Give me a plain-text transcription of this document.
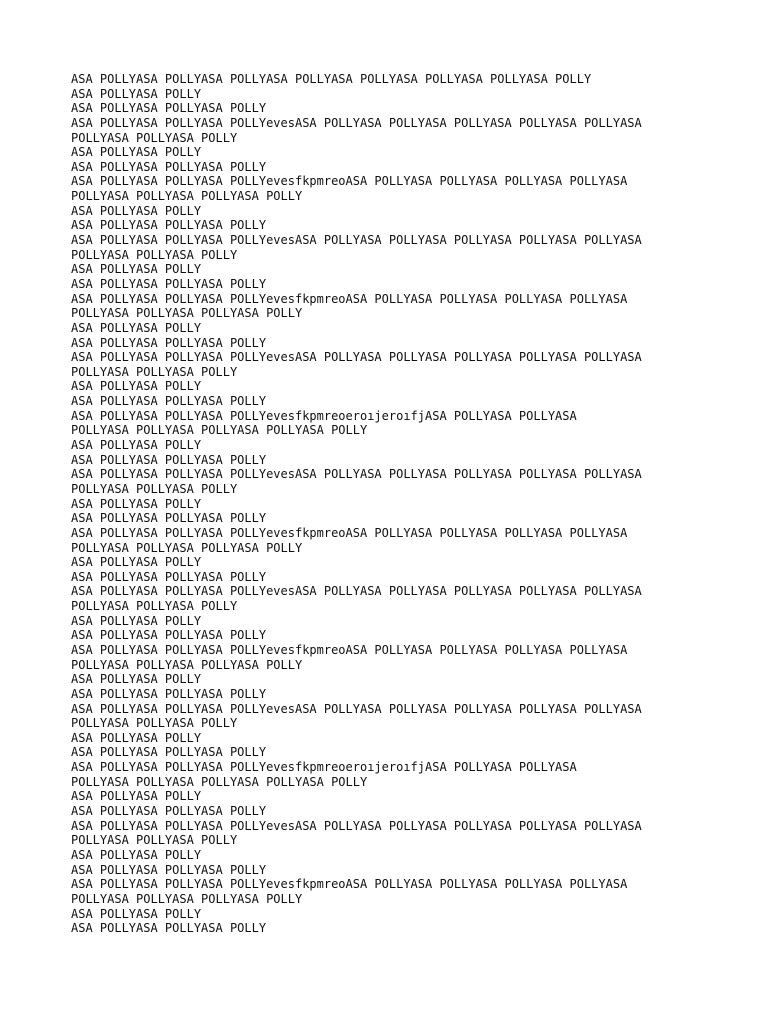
ASA POLLYASA POLLYASA POLLYASA POLLYASA POLLYASA POLLYASA POLLYASA POLLY
ASA POLLYASA POLLY
ASA POLLYASA POLLYASA POLLY
ASA POLLYASA POLLYASA POLLYevesASA POLLYASA POLLYASA POLLYASA POLLYASA POLLYASA
POLLYASA POLLYASA POLLY
ASA POLLYASA POLLY
ASA POLLYASA POLLYASA POLLY
ASA POLLYASA POLLYASA POLLYevesfkpmreoASA POLLYASA POLLYASA POLLYASA POLLYASA
POLLYASA POLLYASA POLLYASA POLLY
ASA POLLYASA POLLY
ASA POLLYASA POLLYASA POLLY
ASA POLLYASA POLLYASA POLLYevesASA POLLYASA POLLYASA POLLYASA POLLYASA POLLYASA
POLLYASA POLLYASA POLLY
ASA POLLYASA POLLY
ASA POLLYASA POLLYASA POLLY
ASA POLLYASA POLLYASA POLLYevesfkpmreoASA POLLYASA POLLYASA POLLYASA POLLYASA
POLLYASA POLLYASA POLLYASA POLLY
ASA POLLYASA POLLY
ASA POLLYASA POLLYASA POLLY
ASA POLLYASA POLLYASA POLLYevesASA POLLYASA POLLYASA POLLYASA POLLYASA POLLYASA
POLLYASA POLLYASA POLLY
ASA POLLYASA POLLY
ASA POLLYASA POLLYASA POLLY
ASA POLLYASA POLLYASA POLLYevesfkpmreoeroıjeroıfjASA POLLYASA POLLYASA
POLLYASA POLLYASA POLLYASA POLLYASA POLLY
ASA POLLYASA POLLY
ASA POLLYASA POLLYASA POLLY
ASA POLLYASA POLLYASA POLLYevesASA POLLYASA POLLYASA POLLYASA POLLYASA POLLYASA
POLLYASA POLLYASA POLLY
ASA POLLYASA POLLY
ASA POLLYASA POLLYASA POLLY
ASA POLLYASA POLLYASA POLLYevesfkpmreoASA POLLYASA POLLYASA POLLYASA POLLYASA
POLLYASA POLLYASA POLLYASA POLLY
ASA POLLYASA POLLY
ASA POLLYASA POLLYASA POLLY
ASA POLLYASA POLLYASA POLLYevesASA POLLYASA POLLYASA POLLYASA POLLYASA POLLYASA
POLLYASA POLLYASA POLLY
ASA POLLYASA POLLY
ASA POLLYASA POLLYASA POLLY
ASA POLLYASA POLLYASA POLLYevesfkpmreoASA POLLYASA POLLYASA POLLYASA POLLYASA
POLLYASA POLLYASA POLLYASA POLLY
ASA POLLYASA POLLY
ASA POLLYASA POLLYASA POLLY
ASA POLLYASA POLLYASA POLLYevesASA POLLYASA POLLYASA POLLYASA POLLYASA POLLYASA
POLLYASA POLLYASA POLLY
ASA POLLYASA POLLY
ASA POLLYASA POLLYASA POLLY
ASA POLLYASA POLLYASA POLLYevesfkpmreoeroıjeroıfjASA POLLYASA POLLYASA
POLLYASA POLLYASA POLLYASA POLLYASA POLLY
ASA POLLYASA POLLY
ASA POLLYASA POLLYASA POLLY
ASA POLLYASA POLLYASA POLLYevesASA POLLYASA POLLYASA POLLYASA POLLYASA POLLYASA
POLLYASA POLLYASA POLLY
ASA POLLYASA POLLY
ASA POLLYASA POLLYASA POLLY
ASA POLLYASA POLLYASA POLLYevesfkpmreoASA POLLYASA POLLYASA POLLYASA POLLYASA
POLLYASA POLLYASA POLLYASA POLLY
ASA POLLYASA POLLY
ASA POLLYASA POLLYASA POLLY
